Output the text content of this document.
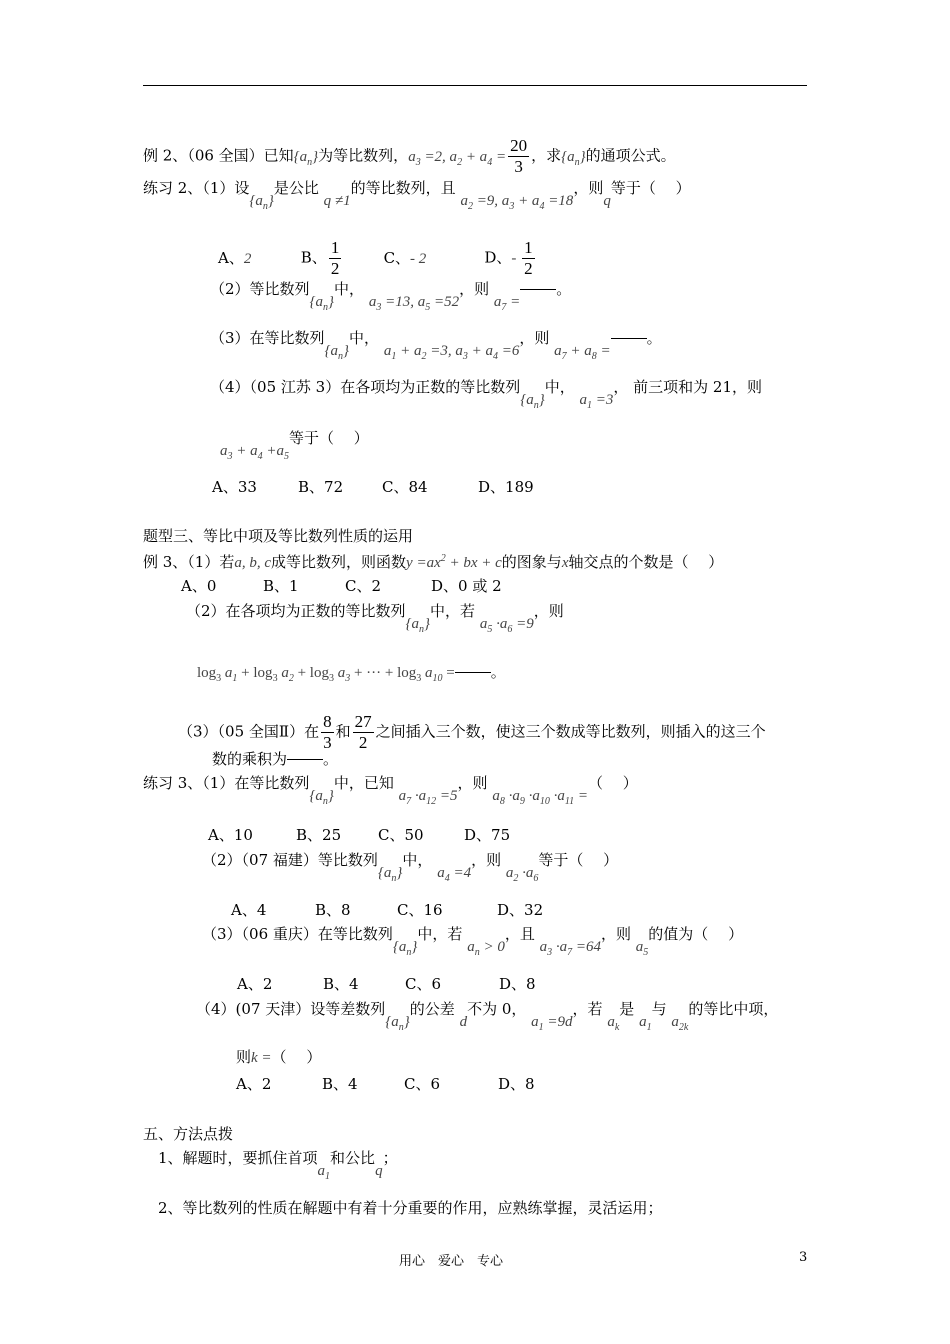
例 2、（06 全国）已知$\{a_n\}$为等比数列，$a_3 =2$, $a_2 + a_4 = \frac{20}{3}$ ，求$\{a_n\}$的通项公式。
练习 2、（1）设$\{a_n\}$是公比 q ≠1的等比数列，且 $a_2 =9$, $a_3 + a_4 =18$，则q等于（　 ）
A、2	B、 $\frac{1}{2}$	C、- 2	D、- $\frac{1}{2}$
（2）等比数列$\{a_n\}$中， $a_3 =13$, $a_5 =52$，则 $a_7$ =。
（3）在等比数列$\{a_n\}$中， $a_1 + a_2 =3$, $a_3 + a_4 =6$，则 $a_7 + a_8$ =。
（4）（05 江苏 3）在各项均为正数的等比数列$\{a_n\}$中， $a_1 =3$， 前三项和为 21，则
$a_3 + a_4 +a_5$等于（　 ）
A、33	B、72	C、84	D、189
题型三、等比中项及等比数列性质的运用
例 3、（1）若a, b, c成等比数列，则函数$y =ax^2$ + bx + c的图象与x轴交点的个数是（　 ）
A、0	B、1	C、2	D、0 或 2
（2）在各项均为正数的等比数列$\{a_n\}$中，若 $a_5 \cdot a_6 =9$，则
$\log_3 a_1 + \log_3 a_2 + \log_3 a_3$ + ··· + $\log_3 a_{10}$ = 。
（3）（05 全国Ⅱ）在 $\frac{8}{3}$ 和 $\frac{27}{2}$ 之间插入三个数，使这三个数成等比数列，则插入的这三个
数的乘积为 。
练习 3、（1）在等比数列$\{a_n\}$中，已知 $a_7 \cdot a_{12} =5$，则 $a_8 \cdot a_9 \cdot a_{10} \cdot a_{11}$ =（　 ）
A、10	B、25 C、50	D、75
（2）（07 福建）等比数列$\{a_n\}$中， $a_4 =4$，则 $a_2 \cdot a_6$等于（　 ）
A、4	B、8	C、16	D、32
（3）（06 重庆）在等比数列$\{a_n\}$中，若 $a_n > 0$，且 $a_3 \cdot a_7 =64$，则 $a_5$的值为（　 ）
A、2	B、4	C、6	D、8
（4）(07 天津）设等差数列$\{a_n\}$的公差 d不为 0， $a_1 =9d$，若 $a_k$是 $a_1$与 $a_{2k}$的等比中项，
则k =（　 ）
A、2	B、4	C、6	D、8
五、方法点拨
1、解题时，要抓住首项$a_1$和公比q；
2、等比数列的性质在解题中有着十分重要的作用，应熟练掌握，灵活运用；
用心　爱心　专心	3
